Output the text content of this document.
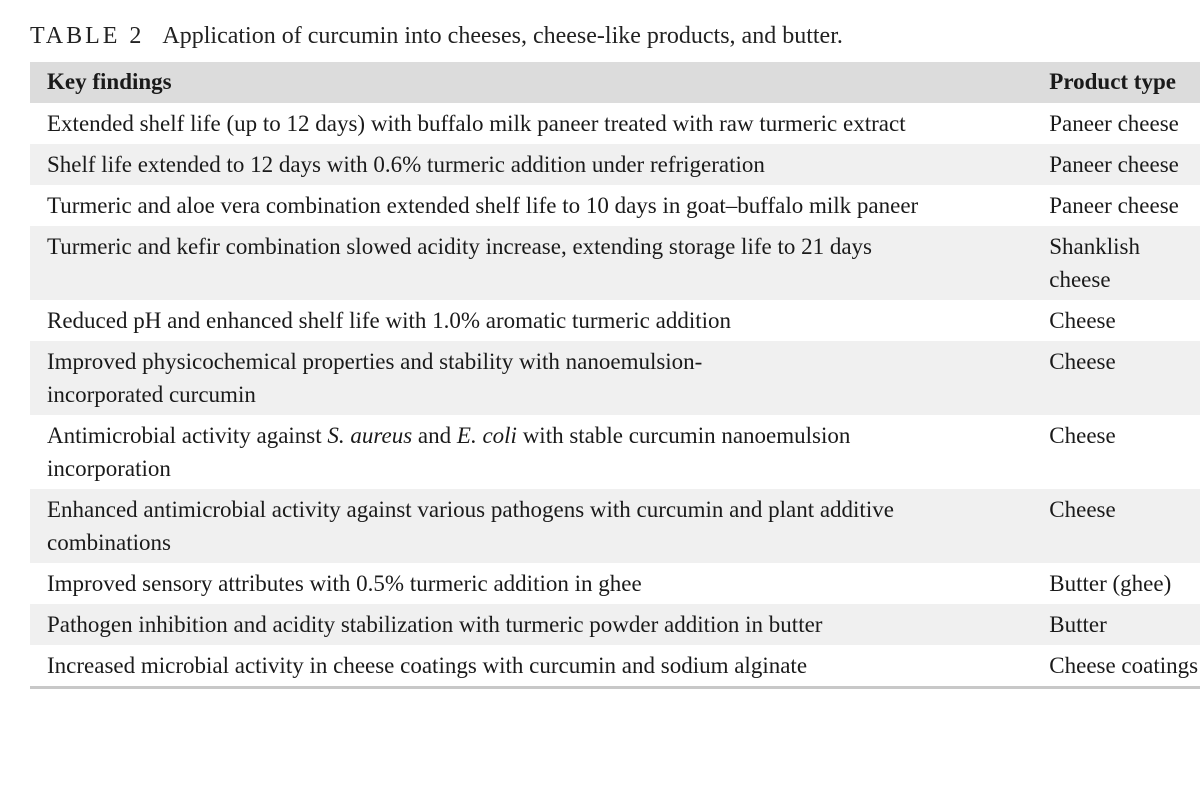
TABLE 2 Application of curcumin into cheeses, cheese-like products, and butter.
Key findings	Product type
Extended shelf life (up to 12 days) with buffalo milk paneer treated with raw turmeric extract	Paneer cheese
Shelf life extended to 12 days with 0.6% turmeric addition under refrigeration	Paneer cheese
Turmeric and aloe vera combination extended shelf life to 10 days in goat–buffalo milk paneer	Paneer cheese
Turmeric and kefir combination slowed acidity increase, extending storage life to 21 days	Shanklish cheese
Reduced pH and enhanced shelf life with 1.0% aromatic turmeric addition	Cheese
Improved physicochemical properties and stability with nanoemulsion-incorporated curcumin	Cheese
Antimicrobial activity against S. aureus and E. coli with stable curcumin nanoemulsion incorporation	Cheese
Enhanced antimicrobial activity against various pathogens with curcumin and plant additive combinations	Cheese
Improved sensory attributes with 0.5% turmeric addition in ghee	Butter (ghee)
Pathogen inhibition and acidity stabilization with turmeric powder addition in butter	Butter
Increased microbial activity in cheese coatings with curcumin and sodium alginate	Cheese coatings
